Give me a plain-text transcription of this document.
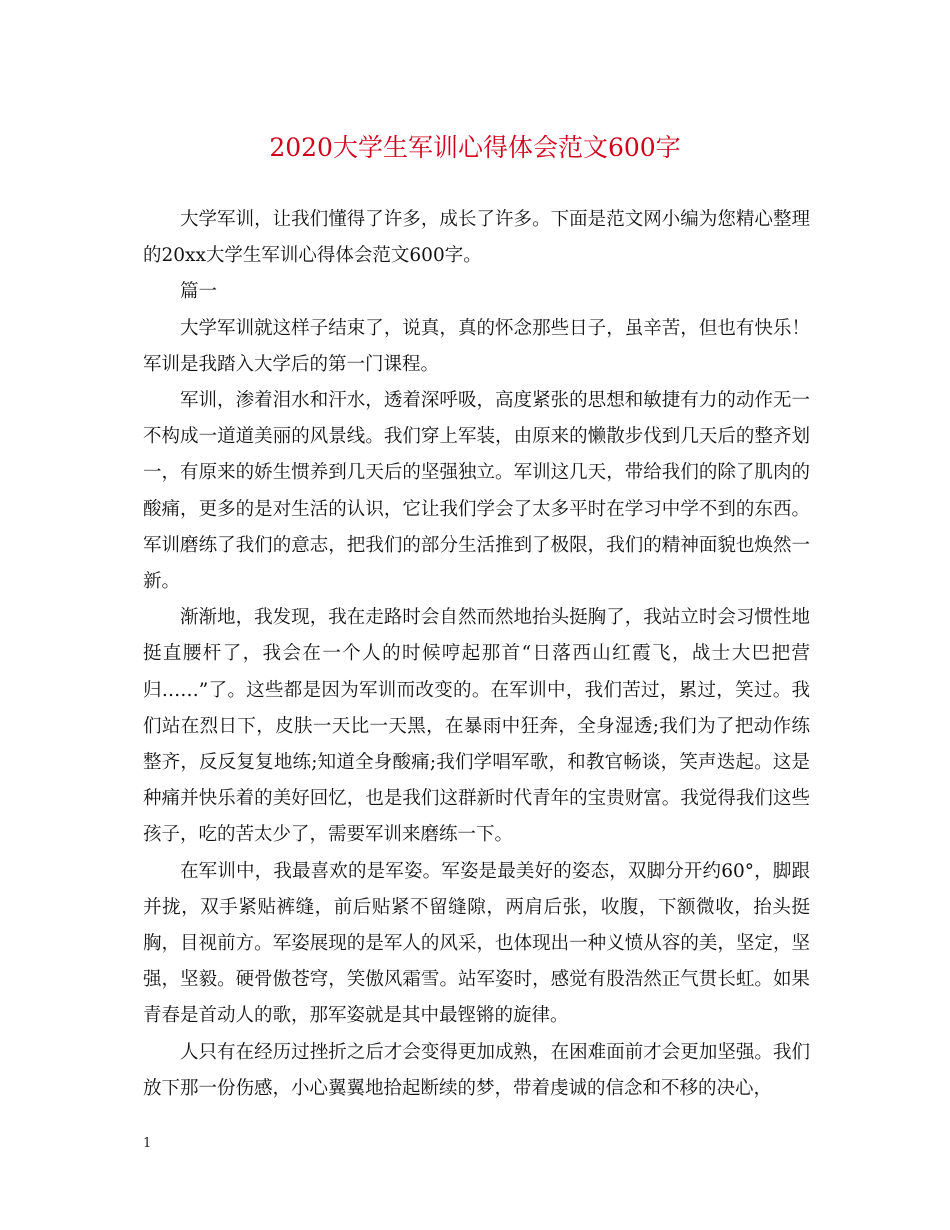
2020大学生军训心得体会范文600字

大学军训，让我们懂得了许多，成长了许多。下面是范文网小编为您精心整理的20xx大学生军训心得体会范文600字。

篇一

大学军训就这样子结束了，说真，真的怀念那些日子，虽辛苦，但也有快乐！军训是我踏入大学后的第一门课程。

军训，渗着泪水和汗水，透着深呼吸，高度紧张的思想和敏捷有力的动作无一不构成一道道美丽的风景线。我们穿上军装，由原来的懒散步伐到几天后的整齐划一，有原来的娇生惯养到几天后的坚强独立。军训这几天，带给我们的除了肌肉的酸痛，更多的是对生活的认识，它让我们学会了太多平时在学习中学不到的东西。军训磨练了我们的意志，把我们的部分生活推到了极限，我们的精神面貌也焕然一新。

渐渐地，我发现，我在走路时会自然而然地抬头挺胸了，我站立时会习惯性地挺直腰杆了，我会在一个人的时候哼起那首“日落西山红霞飞，战士大巴把营归……”了。这些都是因为军训而改变的。在军训中，我们苦过，累过，笑过。我们站在烈日下，皮肤一天比一天黑，在暴雨中狂奔，全身湿透;我们为了把动作练整齐，反反复复地练;知道全身酸痛;我们学唱军歌，和教官畅谈，笑声迭起。这是种痛并快乐着的美好回忆，也是我们这群新时代青年的宝贵财富。我觉得我们这些孩子，吃的苦太少了，需要军训来磨练一下。

在军训中，我最喜欢的是军姿。军姿是最美好的姿态，双脚分开约60°，脚跟并拢，双手紧贴裤缝，前后贴紧不留缝隙，两肩后张，收腹，下额微收，抬头挺胸，目视前方。军姿展现的是军人的风采，也体现出一种义愤从容的美，坚定，坚强，坚毅。硬骨傲苍穹，笑傲风霜雪。站军姿时，感觉有股浩然正气贯长虹。如果青春是首动人的歌，那军姿就是其中最铿锵的旋律。

人只有在经历过挫折之后才会变得更加成熟，在困难面前才会更加坚强。我们放下那一份伤感，小心翼翼地拾起断续的梦，带着虔诚的信念和不移的决心，

1
